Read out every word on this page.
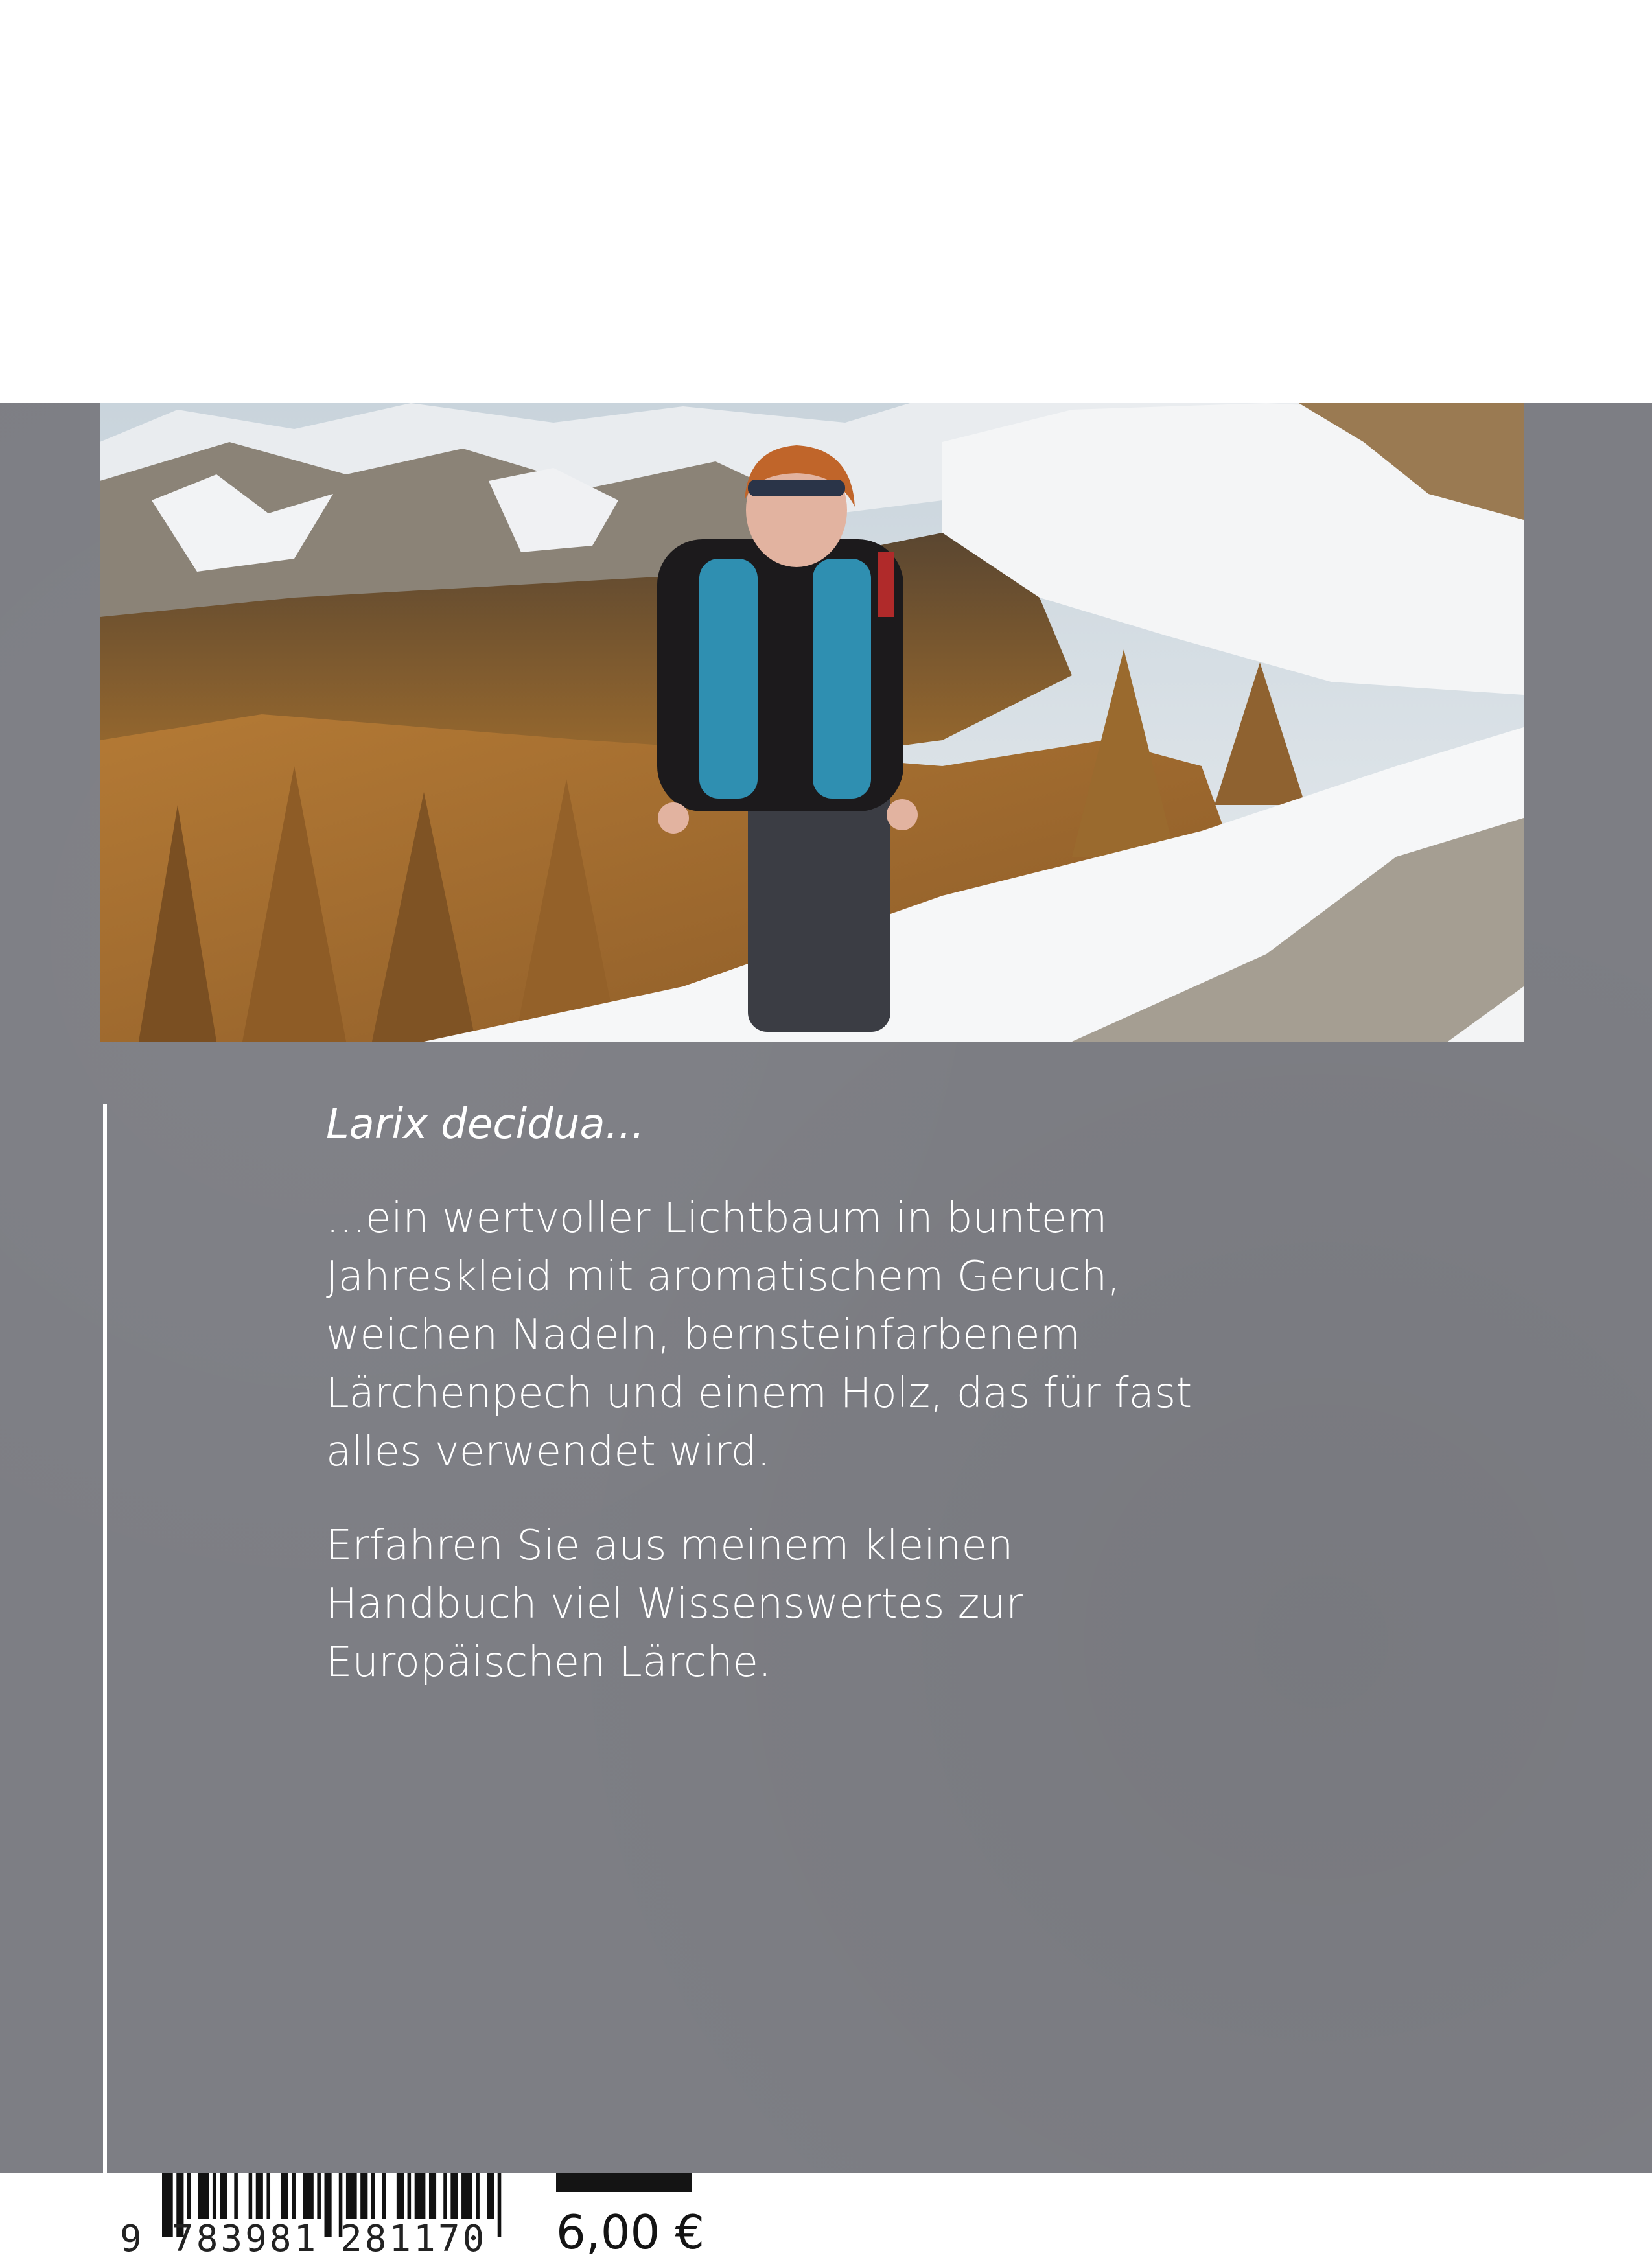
Larix decidua...

...ein wertvoller Lichtbaum in buntem
Jahreskleid mit aromatischem Geruch,
weichen Nadeln, bernsteinfarbenem
Lärchenpech und einem Holz, das für fast
alles verwendet wird.

Erfahren Sie aus meinem kleinen
Handbuch viel Wissenswertes zur
Europäischen Lärche.

9 783981 281170 6,00 €
